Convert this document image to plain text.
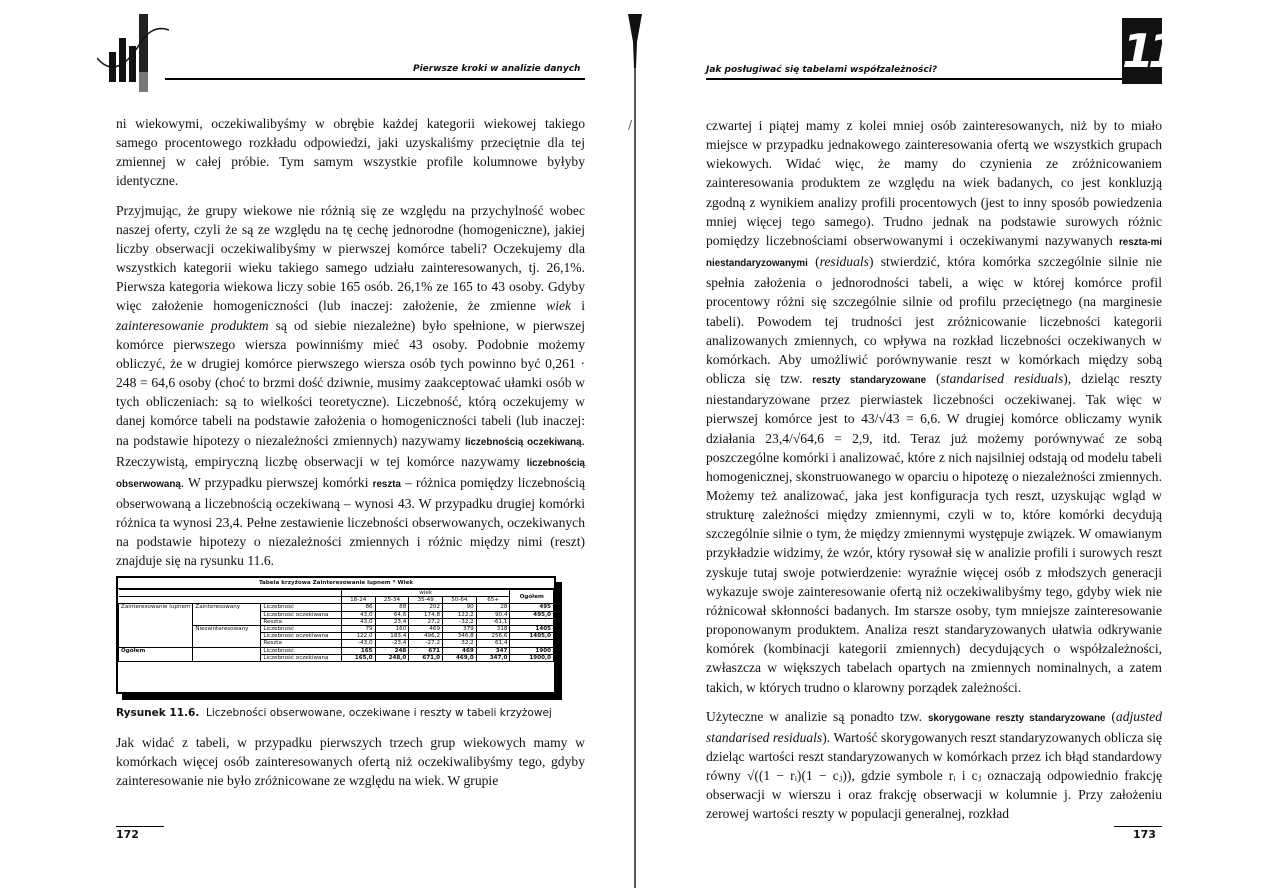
Pierwsze kroki w analizie danych

ni wiekowymi, oczekiwalibyśmy w obrębie każdej kategorii wiekowej takiego samego procentowego rozkładu odpowiedzi, jaki uzyskaliśmy przeciętnie dla tej zmiennej w całej próbie. Tym samym wszystkie profile kolumnowe byłyby identyczne.

Przyjmując, że grupy wiekowe nie różnią się ze względu na przychylność wobec naszej oferty, czyli że są ze względu na tę cechę jednorodne (homogeniczne), jakiej liczby obserwacji oczekiwalibyśmy w pierwszej komórce tabeli? Oczekujemy dla wszystkich kategorii wieku takiego samego udziału zainteresowanych, tj. 26,1%. Pierwsza kategoria wiekowa liczy sobie 165 osób. 26,1% ze 165 to 43 osoby. Gdyby więc założenie homogeniczności (lub inaczej: założenie, że zmienne wiek i zainteresowanie produktem są od siebie niezależne) było spełnione, w pierwszej komórce pierwszego wiersza powinniśmy mieć 43 osoby. Podobnie możemy obliczyć, że w drugiej komórce pierwszego wiersza osób tych powinno być 0,261 · 248 = 64,6 osoby (choć to brzmi dość dziwnie, musimy zaakceptować ułamki osób w tych obliczeniach: są to wielkości teoretyczne). Liczebność, którą oczekujemy w danej komórce tabeli na podstawie założenia o homogeniczności tabeli (lub inaczej: na podstawie hipotezy o niezależności zmiennych) nazywamy liczebnością oczekiwaną. Rzeczywistą, empiryczną liczbę obserwacji w tej komórce nazywamy liczebnością obserwowaną. W przypadku pierwszej komórki reszta – różnica pomiędzy liczebnością obserwowaną a liczebnością oczekiwaną – wynosi 43. W przypadku drugiej komórki różnica ta wynosi 23,4. Pełne zestawienie liczebności obserwowanych, oczekiwanych na podstawie hipotezy o niezależności zmiennych i różnic między nimi (reszt) znajduje się na rysunku 11.6.

Tabela krzyżowa Zainteresowanie lupnem * Wiek
			wiek					Ogółem
			18-24	25-34	35-49	50-64	65+	
Zainteresowanie lupnem	Zainteresowany	Liczebność	86	88	202	90	28	495
		Liczebność oczekiwana	43,0	64,6	174,8	122,2	90,4	495,0
		Reszta	43,0	23,4	27,2	-32,2	-61,1	
	Niezainteresowany	Liczebność	79	160	469	379	318	1405
		Liczebność oczekiwana	122,0	183,4	496,2	346,8	256,6	1405,0
		Reszta	-43,0	-23,4	-27,2	32,2	61,4	
Ogółem		Liczebność	165	248	671	469	347	1900
		Liczebność oczekiwana	165,0	248,0	671,0	469,0	347,0	1900,0
Rysunek 11.6. Liczebności obserwowane, oczekiwane i reszty w tabeli krzyżowej

Jak widać z tabeli, w przypadku pierwszych trzech grup wiekowych mamy w komórkach więcej osób zainteresowanych ofertą niż oczekiwalibyśmy tego, gdyby zainteresowanie nie było zróżnicowane ze względu na wiek. W grupie

172
/
Jak posługiwać się tabelami współzależności?	11

czwartej i piątej mamy z kolei mniej osób zainteresowanych, niż by to miało miejsce w przypadku jednakowego zainteresowania ofertą we wszystkich grupach wiekowych. Widać więc, że mamy do czynienia ze zróżnicowaniem zainteresowania produktem ze względu na wiek badanych, co jest konkluzją zgodną z wynikiem analizy profili procentowych (jest to inny sposób powiedzenia mniej więcej tego samego). Trudno jednak na podstawie surowych różnic pomiędzy liczebnościami obserwowanymi i oczekiwanymi nazywanych reszta-mi niestandaryzowanymi (residuals) stwierdzić, która komórka szczególnie silnie nie spełnia założenia o jednorodności tabeli, a więc w której komórce profil procentowy różni się szczególnie silnie od profilu przeciętnego (na marginesie tabeli). Powodem tej trudności jest zróżnicowanie liczebności kategorii analizowanych zmiennych, co wpływa na rozkład liczebności oczekiwanych w komórkach. Aby umożliwić porównywanie reszt w komórkach między sobą oblicza się tzw. reszty standaryzowane (standarised residuals), dzieląc reszty niestandaryzowane przez pierwiastek liczebności oczekiwanej. Tak więc w pierwszej komórce jest to 43/√43 = 6,6. W drugiej komórce obliczamy wynik działania 23,4/√64,6 = 2,9, itd. Teraz już możemy porównywać ze sobą poszczególne komórki i analizować, które z nich najsilniej odstają od modelu tabeli homogenicznej, skonstruowanego w oparciu o hipotezę o niezależności zmiennych. Możemy też analizować, jaka jest konfiguracja tych reszt, uzyskując wgląd w strukturę zależności między zmiennymi, czyli w to, które komórki decydują szczególnie silnie o tym, że między zmiennymi występuje związek. W omawianym przykładzie widzimy, że wzór, który rysował się w analizie profili i surowych reszt zyskuje tutaj swoje potwierdzenie: wyraźnie więcej osób z młodszych generacji wykazuje swoje zainteresowanie ofertą niż oczekiwalibyśmy tego, gdyby wiek nie różnicował skłonności badanych. Im starsze osoby, tym mniejsze zainteresowanie proponowanym produktem. Analiza reszt standaryzowanych ułatwia odkrywanie komórek (kombinacji kategorii zmiennych) decydujących o współzależności, zwłaszcza w większych tabelach opartych na zmiennych nominalnych, a zatem takich, w których trudno o klarowny porządek zależności.

Użyteczne w analizie są ponadto tzw. skorygowane reszty standaryzowane (adjusted standarised residuals). Wartość skorygowanych reszt standaryzowanych oblicza się dzieląc wartości reszt standaryzowanych w komórkach przez ich błąd standardowy równy √((1 − rᵢ)(1 − cⱼ)), gdzie symbole rᵢ i cⱼ oznaczają odpowiednio frakcję obserwacji w wierszu i oraz frakcję obserwacji w kolumnie j. Przy założeniu zerowej wartości reszty w populacji generalnej, rozkład

173
